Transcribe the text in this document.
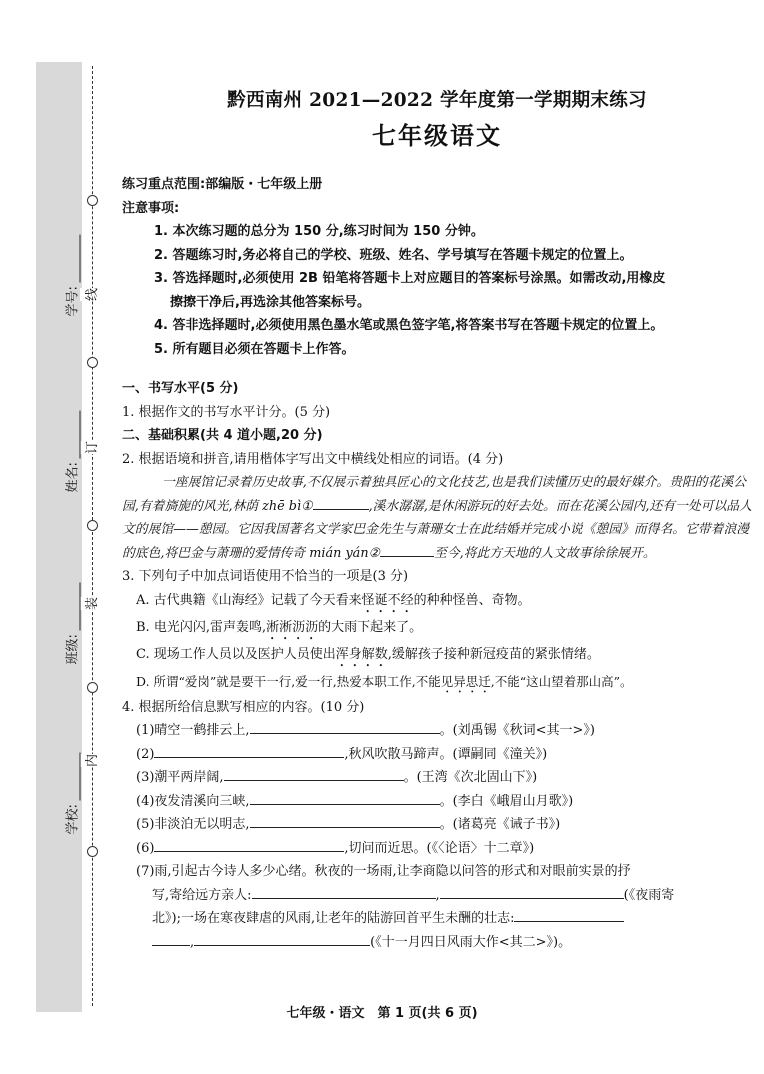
线
订
装
内
学号:
姓名:
班级:
学校:
黔西南州 2021—2022 学年度第一学期期末练习
七年级语文
练习重点范围:部编版・七年级上册
注意事项:
1. 本次练习题的总分为 150 分,练习时间为 150 分钟。
2. 答题练习时,务必将自己的学校、班级、姓名、学号填写在答题卡规定的位置上。
3. 答选择题时,必须使用 2B 铅笔将答题卡上对应题目的答案标号涂黑。如需改动,用橡皮
擦擦干净后,再选涂其他答案标号。
4. 答非选择题时,必须使用黑色墨水笔或黑色签字笔,将答案书写在答题卡规定的位置上。
5. 所有题目必须在答题卡上作答。
一、书写水平(5 分)
1. 根据作文的书写水平计分。(5 分)
二、基础积累(共 4 道小题,20 分)
2. 根据语境和拼音,请用楷体字写出文中横线处相应的词语。(4 分)
一座展馆记录着历史故事,不仅展示着独具匠心的文化技艺,也是我们读懂历史的最好媒介。贵阳的花溪公园,有着旖旎的风光,林荫 zhē bì①	,溪水潺潺,是休闲游玩的好去处。而在花溪公园内,还有一处可以品人文的展馆——憩园。它因我国著名文学家巴金先生与萧珊女士在此结婚并完成小说《憩园》而得名。它带着浪漫的底色,将巴金与萧珊的爱情传奇 mián yán②	至今,将此方天地的人文故事徐徐展开。
3. 下列句子中加点词语使用不恰当的一项是(3 分)
A. 古代典籍《山海经》记载了今天看来怪诞不经的种种怪兽、奇物。
B. 电光闪闪,雷声轰鸣,淅淅沥沥的大雨下起来了。
C. 现场工作人员以及医护人员使出浑身解数,缓解孩子接种新冠疫苗的紧张情绪。
D. 所谓“爱岗”就是要干一行,爱一行,热爱本职工作,不能见异思迁,不能“这山望着那山高”。
4. 根据所给信息默写相应的内容。(10 分)
(1)晴空一鹤排云上,	。(刘禹锡《秋词<其一>》)
(2)	,秋风吹散马蹄声。(谭嗣同《潼关》)
(3)潮平两岸阔,	。(王湾《次北固山下》)
(4)夜发清溪向三峡,	。(李白《峨眉山月歌》)
(5)非淡泊无以明志,	。(诸葛亮《诫子书》)
(6)	,切问而近思。(《〈论语〉十二章》)
(7)雨,引起古今诗人多少心绪。秋夜的一场雨,让李商隐以问答的形式和对眼前实景的抒
写,寄给远方亲人:	,	(《夜雨寄
北》);一场在寒夜肆虐的风雨,让老年的陆游回首平生未酬的壮志:
,	(《十一月四日风雨大作<其二>》)。
七年级・语文　第 1 页(共 6 页)
